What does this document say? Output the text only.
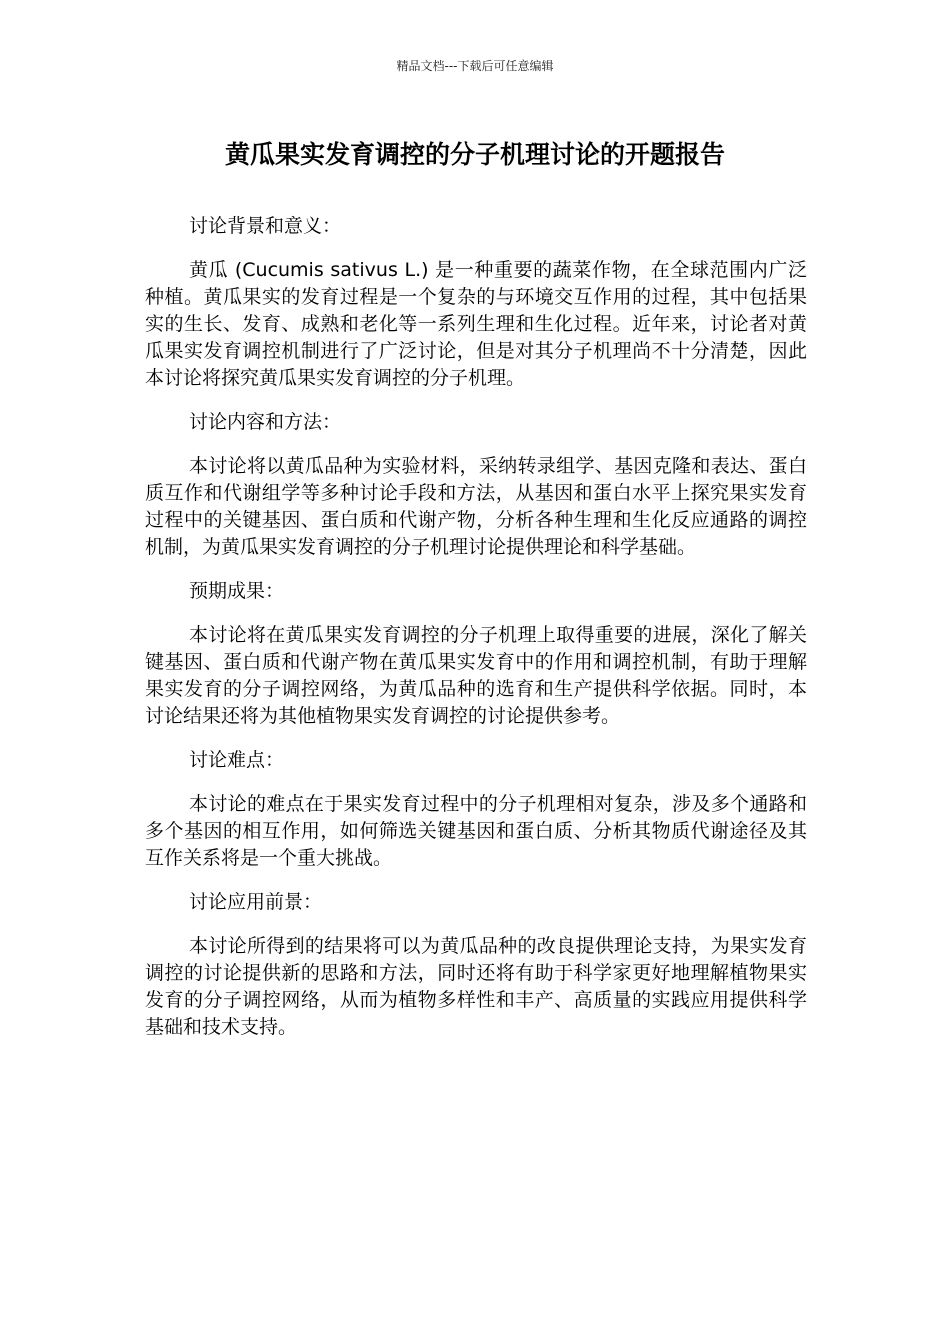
精品文档---下载后可任意编辑
黄瓜果实发育调控的分子机理讨论的开题报告

讨论背景和意义：

黄瓜 (Cucumis sativus L.) 是一种重要的蔬菜作物，在全球范围内广泛种植。黄瓜果实的发育过程是一个复杂的与环境交互作用的过程，其中包括果实的生长、发育、成熟和老化等一系列生理和生化过程。近年来，讨论者对黄瓜果实发育调控机制进行了广泛讨论，但是对其分子机理尚不十分清楚，因此本讨论将探究黄瓜果实发育调控的分子机理。

讨论内容和方法：

本讨论将以黄瓜品种为实验材料，采纳转录组学、基因克隆和表达、蛋白质互作和代谢组学等多种讨论手段和方法，从基因和蛋白水平上探究果实发育过程中的关键基因、蛋白质和代谢产物，分析各种生理和生化反应通路的调控机制，为黄瓜果实发育调控的分子机理讨论提供理论和科学基础。

预期成果：

本讨论将在黄瓜果实发育调控的分子机理上取得重要的进展，深化了解关键基因、蛋白质和代谢产物在黄瓜果实发育中的作用和调控机制，有助于理解果实发育的分子调控网络，为黄瓜品种的选育和生产提供科学依据。同时，本讨论结果还将为其他植物果实发育调控的讨论提供参考。

讨论难点：

本讨论的难点在于果实发育过程中的分子机理相对复杂，涉及多个通路和多个基因的相互作用，如何筛选关键基因和蛋白质、分析其物质代谢途径及其互作关系将是一个重大挑战。

讨论应用前景：

本讨论所得到的结果将可以为黄瓜品种的改良提供理论支持，为果实发育调控的讨论提供新的思路和方法，同时还将有助于科学家更好地理解植物果实发育的分子调控网络，从而为植物多样性和丰产、高质量的实践应用提供科学基础和技术支持。
